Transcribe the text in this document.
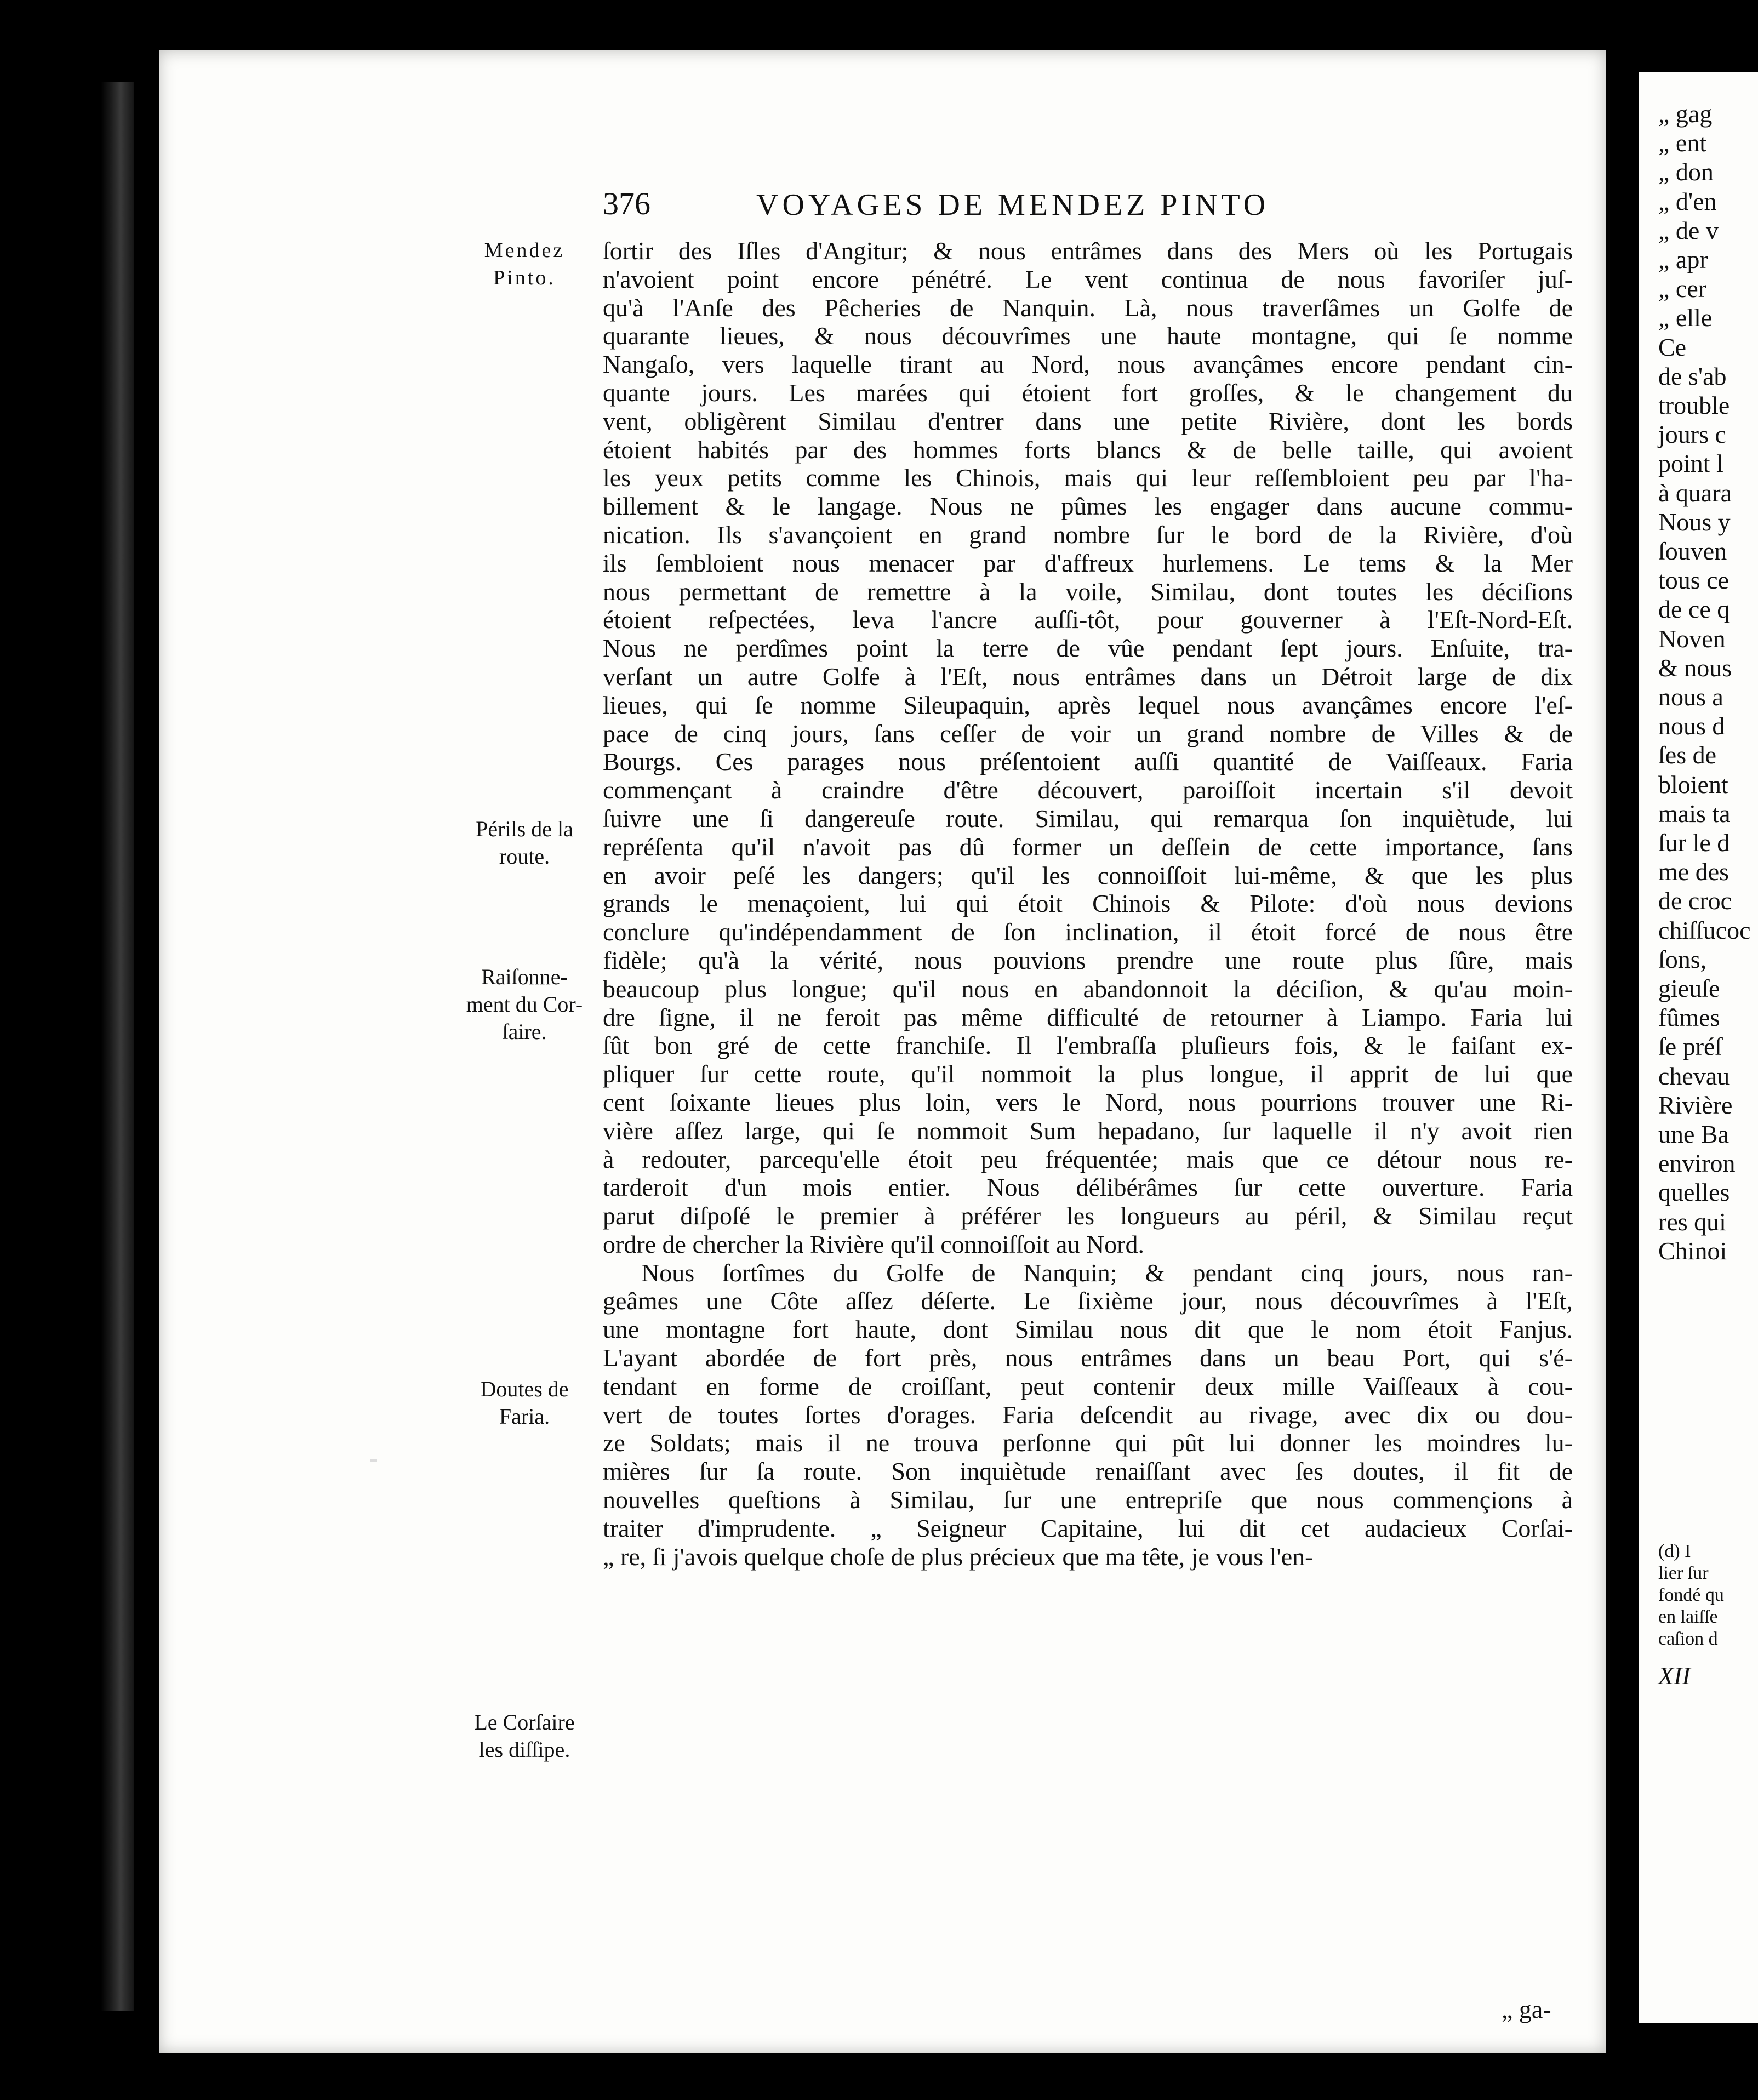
376	VOYAGES DE MENDEZ PINTO
Mendez
Pinto.
Périls de la
route.
Raiſonne-
ment du Cor-
ſaire.
Doutes de
Faria.
Le Corſaire
les diſſipe.
ſortir des Iſles d'Angitur; & nous entrâmes dans des Mers où les Portugais
n'avoient point encore pénétré. Le vent continua de nous favoriſer juſ-
qu'à l'Anſe des Pêcheries de Nanquin. Là, nous traverſâmes un Golfe de
quarante lieues, & nous découvrîmes une haute montagne, qui ſe nomme
Nangaſo, vers laquelle tirant au Nord, nous avançâmes encore pendant cin-
quante jours. Les marées qui étoient fort groſſes, & le changement du
vent, obligèrent Similau d'entrer dans une petite Rivière, dont les bords
étoient habités par des hommes forts blancs & de belle taille, qui avoient
les yeux petits comme les Chinois, mais qui leur reſſembloient peu par l'ha-
billement & le langage. Nous ne pûmes les engager dans aucune commu-
nication. Ils s'avançoient en grand nombre ſur le bord de la Rivière, d'où
ils ſembloient nous menacer par d'affreux hurlemens. Le tems & la Mer
nous permettant de remettre à la voile, Similau, dont toutes les déciſions
étoient reſpectées, leva l'ancre auſſi-tôt, pour gouverner à l'Eſt-Nord-Eſt.
Nous ne perdîmes point la terre de vûe pendant ſept jours. Enſuite, tra-
verſant un autre Golfe à l'Eſt, nous entrâmes dans un Détroit large de dix
lieues, qui ſe nomme Sileupaquin, après lequel nous avançâmes encore l'eſ-
pace de cinq jours, ſans ceſſer de voir un grand nombre de Villes & de
Bourgs. Ces parages nous préſentoient auſſi quantité de Vaiſſeaux. Faria
commençant à craindre d'être découvert, paroiſſoit incertain s'il devoit
ſuivre une ſi dangereuſe route. Similau, qui remarqua ſon inquiètude, lui
repréſenta qu'il n'avoit pas dû former un deſſein de cette importance, ſans
en avoir peſé les dangers; qu'il les connoiſſoit lui-même, & que les plus
grands le menaçoient, lui qui étoit Chinois & Pilote: d'où nous devions
conclure qu'indépendamment de ſon inclination, il étoit forcé de nous être
fidèle; qu'à la vérité, nous pouvions prendre une route plus ſûre, mais
beaucoup plus longue; qu'il nous en abandonnoit la déciſion, & qu'au moin-
dre ſigne, il ne feroit pas même difficulté de retourner à Liampo. Faria lui
ſût bon gré de cette franchiſe. Il l'embraſſa pluſieurs fois, & le faiſant ex-
pliquer ſur cette route, qu'il nommoit la plus longue, il apprit de lui que
cent ſoixante lieues plus loin, vers le Nord, nous pourrions trouver une Ri-
vière aſſez large, qui ſe nommoit Sum hepadano, ſur laquelle il n'y avoit rien
à redouter, parcequ'elle étoit peu fréquentée; mais que ce détour nous re-
tarderoit d'un mois entier. Nous délibérâmes ſur cette ouverture. Faria
parut diſpoſé le premier à préférer les longueurs au péril, & Similau reçut
ordre de chercher la Rivière qu'il connoiſſoit au Nord.
Nous ſortîmes du Golfe de Nanquin; & pendant cinq jours, nous ran-
geâmes une Côte aſſez déſerte. Le ſixième jour, nous découvrîmes à l'Eſt,
une montagne fort haute, dont Similau nous dit que le nom étoit Fanjus.
L'ayant abordée de fort près, nous entrâmes dans un beau Port, qui s'é-
tendant en forme de croiſſant, peut contenir deux mille Vaiſſeaux à cou-
vert de toutes ſortes d'orages. Faria deſcendit au rivage, avec dix ou dou-
ze Soldats; mais il ne trouva perſonne qui pût lui donner les moindres lu-
mières ſur ſa route. Son inquiètude renaiſſant avec ſes doutes, il fit de
nouvelles queſtions à Similau, ſur une entrepriſe que nous commençions à
traiter d'imprudente. „ Seigneur Capitaine, lui dit cet audacieux Corſai-
„ re, ſi j'avois quelque choſe de plus précieux que ma tête, je vous l'en-
„ ga-
„ gag
„ ent
„ don
„ d'en
„ de v
„ apr
„ cer
„ elle
Ce
de s'ab
trouble
jours c
point l
à quara
Nous y
ſouven
tous ce
de ce q
Noven
& nous
nous a
nous d
ſes de
bloient
mais ta
ſur le d
me des
de croc
chiſſucoc
ſons,
gieuſe
fûmes
ſe préſ
chevau
Rivière
une Ba
environ
quelles
res qui
Chinoi
(d) I
lier ſur
fondé qu
en laiſſe
caſion d
XII
